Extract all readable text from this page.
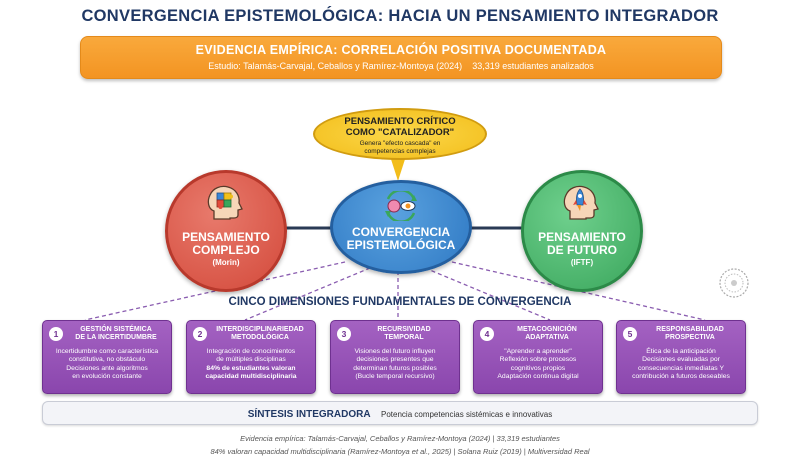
CONVERGENCIA EPISTEMOLÓGICA: HACIA UN PENSAMIENTO INTEGRADOR
EVIDENCIA EMPÍRICA: CORRELACIÓN POSITIVA DOCUMENTADA
Estudio: Talamás-Carvajal, Ceballos y Ramírez-Montoya (2024) 33,319 estudiantes analizados
PENSAMIENTO CRÍTICO
COMO "CATALIZADOR"
Genera "efecto cascada" en
competencias complejas
PENSAMIENTO
COMPLEJO
(Morin)
CONVERGENCIA
EPISTEMOLÓGICA
PENSAMIENTO
DE FUTURO
(IFTF)
CINCO DIMENSIONES FUNDAMENTALES DE CONVERGENCIA
1	GESTIÓN SISTÉMICA
DE LA INCERTIDUMBRE
Incertidumbre como característica
constitutiva, no obstáculo
Decisiones ante algoritmos
en evolución constante
2	INTERDISCIPLINARIEDAD
METODOLÓGICA
Integración de conocimientos
de múltiples disciplinas
84% de estudiantes valoran
capacidad multidisciplinaria
3	RECURSIVIDAD
TEMPORAL
Visiones del futuro influyen
decisiones presentes que
determinan futuros posibles
(Bucle temporal recursivo)
4	METACOGNICIÓN
ADAPTATIVA
"Aprender a aprender"
Reflexión sobre procesos
cognitivos propios
Adaptación continua digital
5	RESPONSABILIDAD
PROSPECTIVA
Ética de la anticipación
Decisiones evaluadas por
consecuencias inmediatas Y
contribución a futuros deseables
SÍNTESIS INTEGRADORA Potencia competencias sistémicas e innovativas
Evidencia empírica: Talamás-Carvajal, Ceballos y Ramírez-Montoya (2024) | 33,319 estudiantes
84% valoran capacidad multidisciplinaria (Ramírez-Montoya et al., 2025) | Solana Ruiz (2019) | Multiversidad Real
